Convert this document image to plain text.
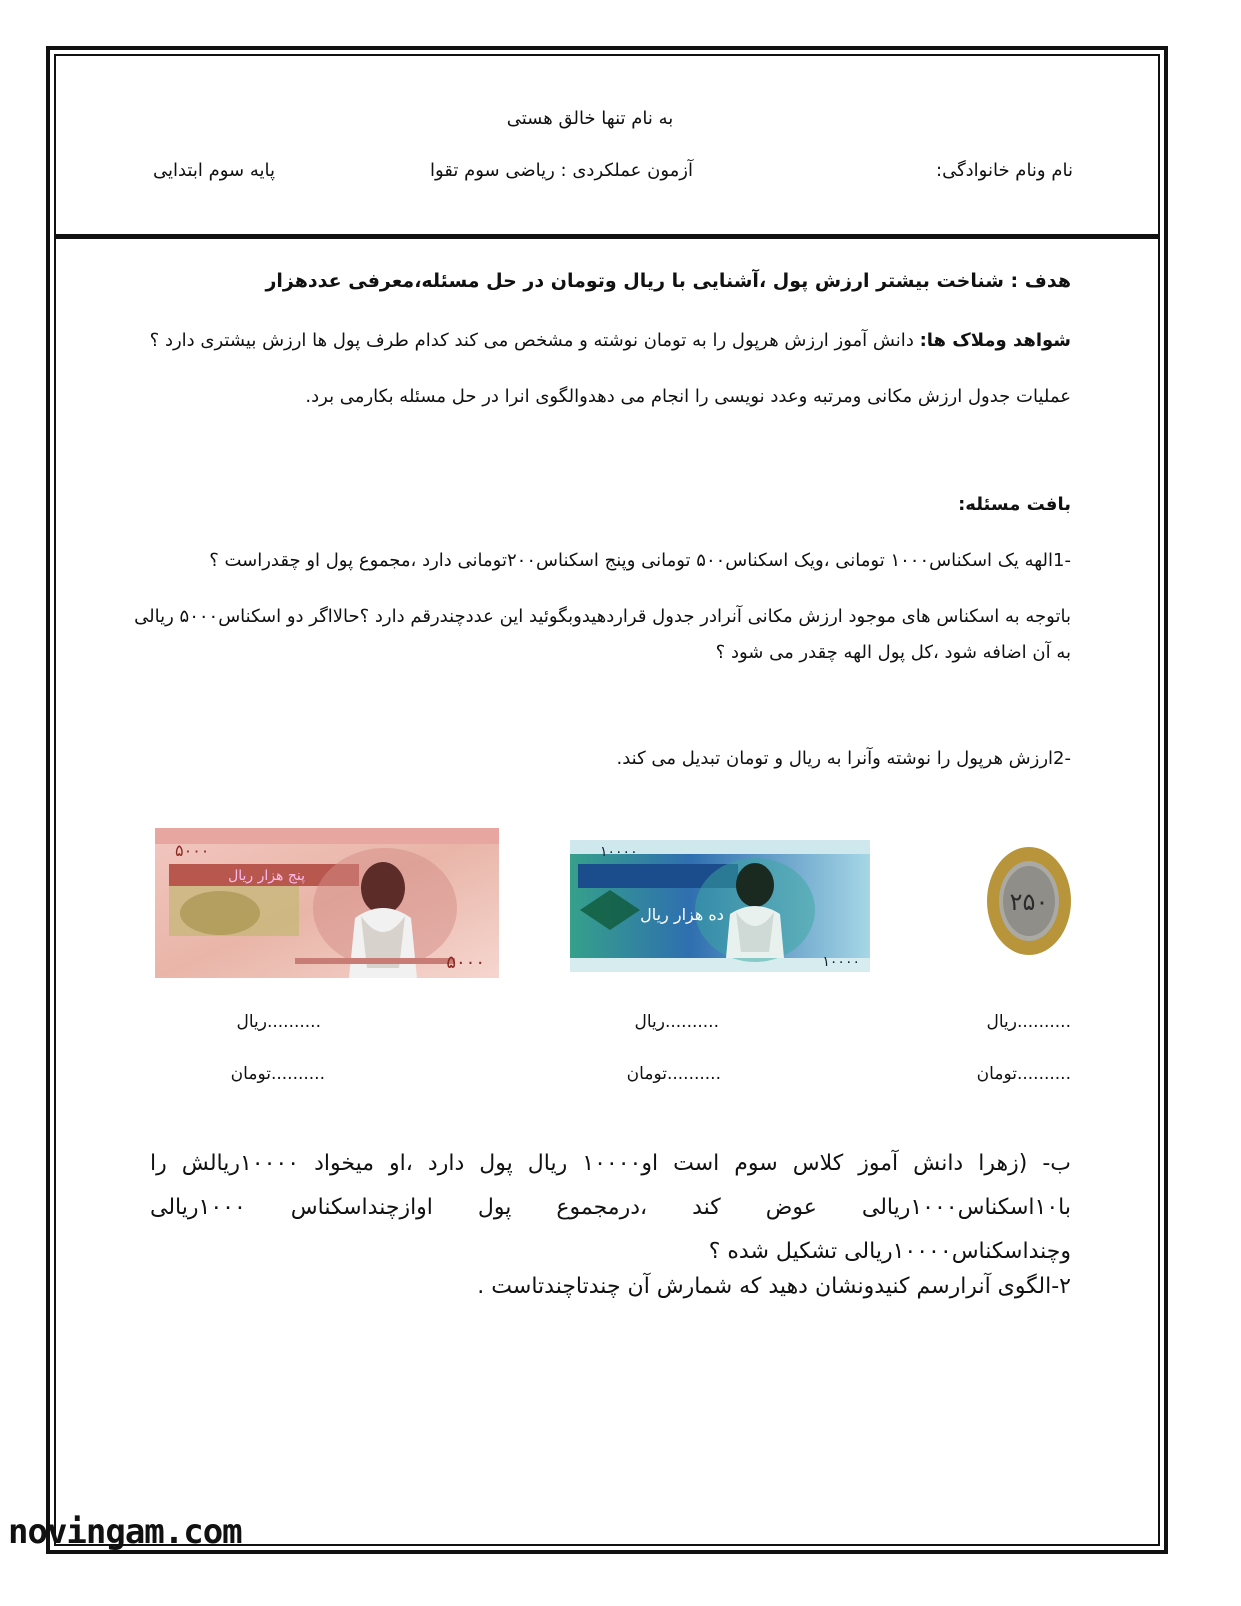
به نام تنها خالق هستی
نام ونام خانوادگی:
آزمون عملکردی : ریاضی سوم تقوا
پایه سوم ابتدایی
هدف : شناخت بیشتر ارزش پول ،آشنایی با ریال وتومان در حل مسئله،معرفی عددهزار
شواهد وملاک ها: دانش آموز ارزش هرپول را به تومان نوشته و مشخص می کند کدام طرف پول ها ارزش بیشتری دارد ؟
عملیات جدول ارزش مکانی ومرتبه وعدد نویسی را انجام می دهدوالگوی انرا در حل مسئله بکارمی برد.
بافت مسئله:
-1الهه یک اسکناس۱۰۰۰ تومانی ،ویک اسکناس۵۰۰ تومانی وپنج اسکناس۲۰۰تومانی دارد ،مجموع پول او چقدراست ؟
باتوجه به اسکناس های موجود ارزش مکانی آنرادر جدول قراردهیدوبگوئید این عددچندرقم دارد ؟حالااگر دو اسکناس۵۰۰۰ ریالی
به آن اضافه شود ،کل پول الهه چقدر می شود ؟
-2ارزش هرپول را نوشته وآنرا به ریال و تومان تبدیل می کند.
۵۰۰۰
۵۰۰۰
پنج هزار ریال
۱۰۰۰۰
۱۰۰۰۰
ده هزار ریال	۲۵۰
..........ریال
..........ریال
..........ریال
..........تومان
..........تومان
..........تومان
ب- (زهرا دانش آموز کلاس سوم است او۱۰۰۰۰ ریال پول دارد ،او میخواد ۱۰۰۰۰ریالش را با۱۰اسکناس۱۰۰۰ریالی عوض کند ،درمجموع پول اوازچنداسکناس ۱۰۰۰ریالی وچنداسکناس۱۰۰۰۰ریالی تشکیل شده ؟
۲-الگوی آنرارسم کنیدونشان دهید که شمارش آن چندتاچندتاست .
novingam.com
